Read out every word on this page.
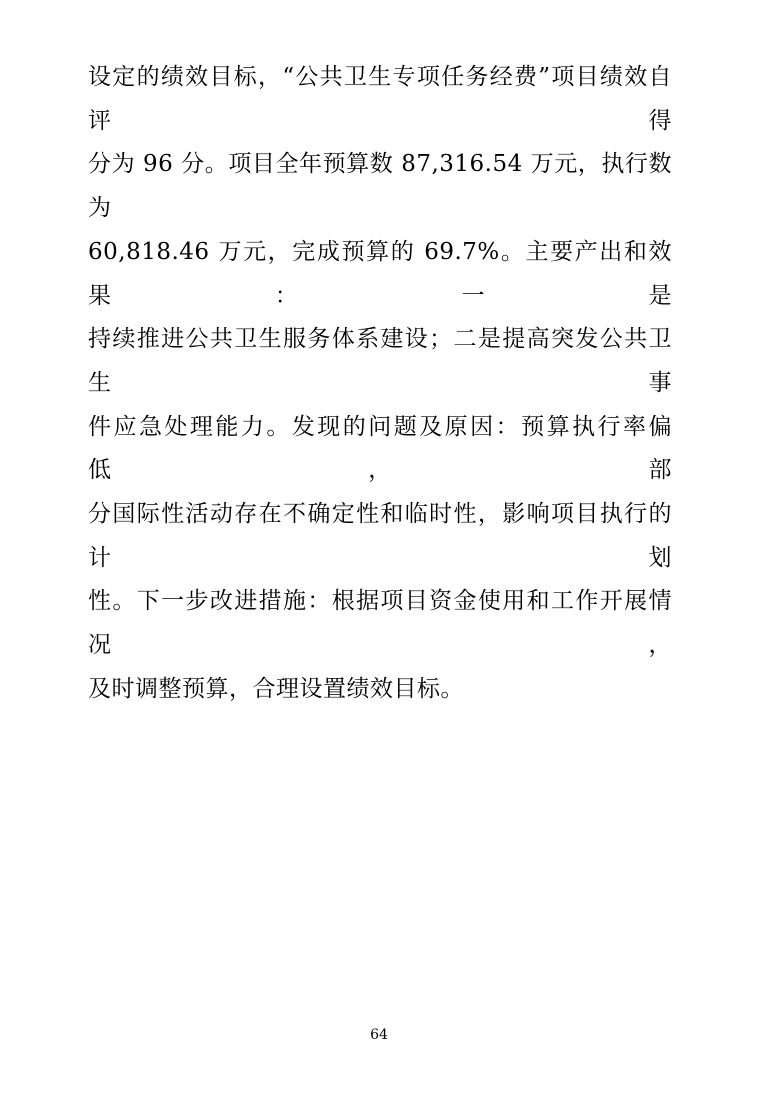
设定的绩效目标，“公共卫生专项任务经费”项目绩效自评得
分为 96 分。项目全年预算数 87,316.54 万元，执行数为
60,818.46 万元，完成预算的 69.7%。主要产出和效果：一是
持续推进公共卫生服务体系建设；二是提高突发公共卫生事
件应急处理能力。发现的问题及原因：预算执行率偏低，部
分国际性活动存在不确定性和临时性，影响项目执行的计划
性。下一步改进措施：根据项目资金使用和工作开展情况，
及时调整预算，合理设置绩效目标。
64
